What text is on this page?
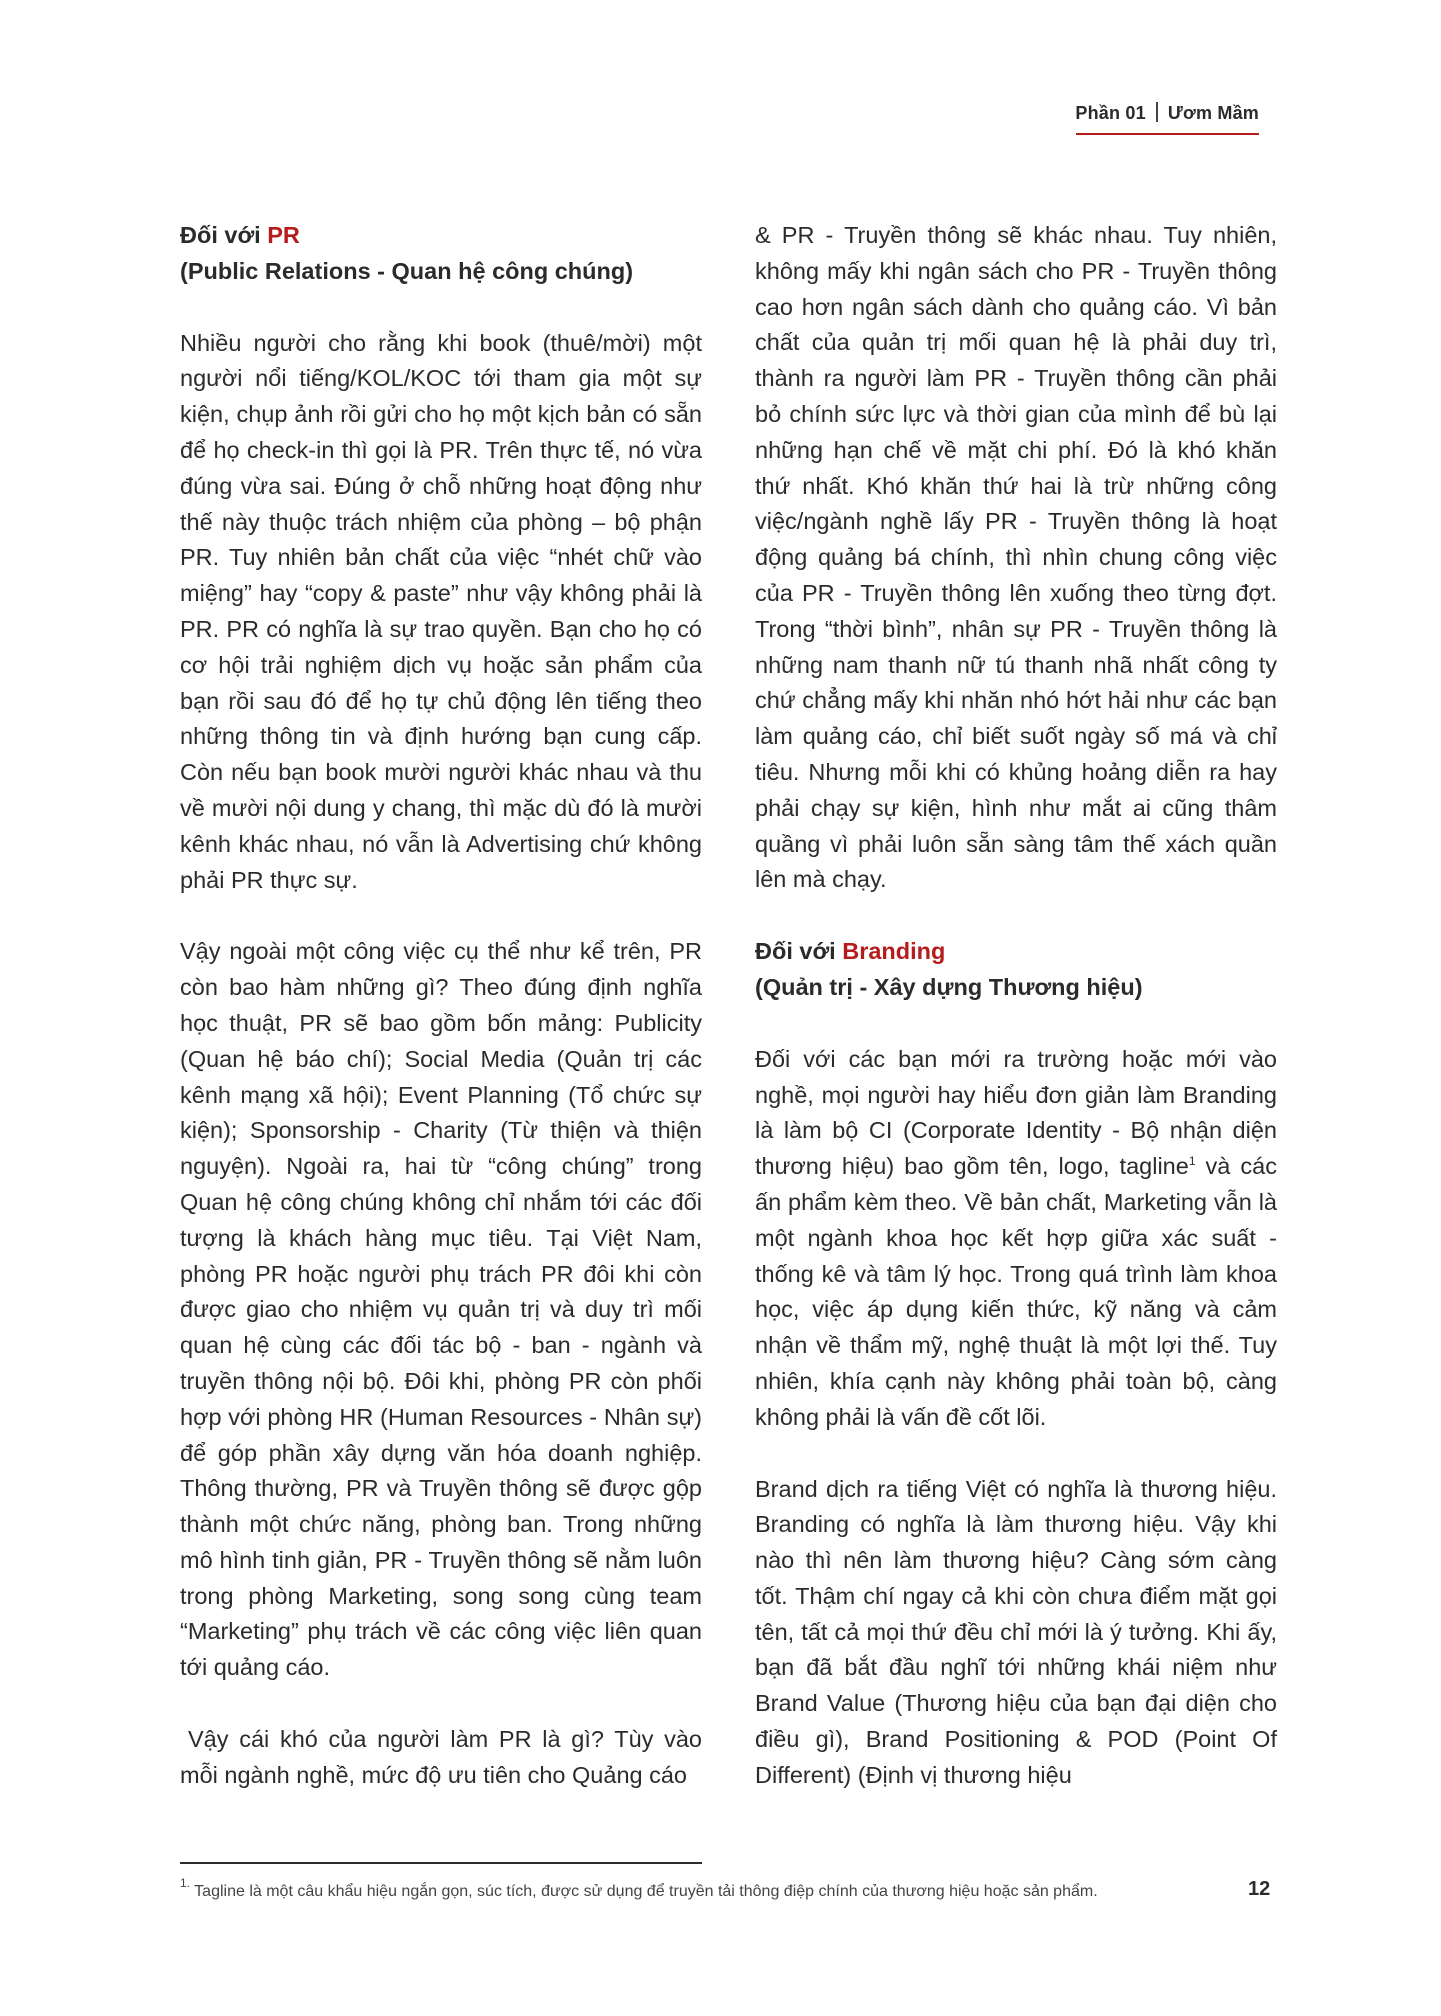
Phần 01 Ươm Mầm
Đối với PR
(Public Relations - Quan hệ công chúng)

Nhiều người cho rằng khi book (thuê/mời) một người nổi tiếng/KOL/KOC tới tham gia một sự kiện, chụp ảnh rồi gửi cho họ một kịch bản có sẵn để họ check-in thì gọi là PR. Trên thực tế, nó vừa đúng vừa sai. Đúng ở chỗ những hoạt động như thế này thuộc trách nhiệm của phòng – bộ phận PR. Tuy nhiên bản chất của việc “nhét chữ vào miệng” hay “copy & paste” như vậy không phải là PR. PR có nghĩa là sự trao quyền. Bạn cho họ có cơ hội trải nghiệm dịch vụ hoặc sản phẩm của bạn rồi sau đó để họ tự chủ động lên tiếng theo những thông tin và định hướng bạn cung cấp. Còn nếu bạn book mười người khác nhau và thu về mười nội dung y chang, thì mặc dù đó là mười kênh khác nhau, nó vẫn là Advertising chứ không phải PR thực sự.

Vậy ngoài một công việc cụ thể như kể trên, PR còn bao hàm những gì? Theo đúng định nghĩa học thuật, PR sẽ bao gồm bốn mảng: Publicity (Quan hệ báo chí); Social Media (Quản trị các kênh mạng xã hội); Event Planning (Tổ chức sự kiện); Sponsorship - Charity (Từ thiện và thiện nguyện). Ngoài ra, hai từ “công chúng” trong Quan hệ công chúng không chỉ nhắm tới các đối tượng là khách hàng mục tiêu. Tại Việt Nam, phòng PR hoặc người phụ trách PR đôi khi còn được giao cho nhiệm vụ quản trị và duy trì mối quan hệ cùng các đối tác bộ - ban - ngành và truyền thông nội bộ. Đôi khi, phòng PR còn phối hợp với phòng HR (Human Resources - Nhân sự) để góp phần xây dựng văn hóa doanh nghiệp. Thông thường, PR và Truyền thông sẽ được gộp thành một chức năng, phòng ban. Trong những mô hình tinh giản, PR - Truyền thông sẽ nằm luôn trong phòng Marketing, song song cùng team “Marketing” phụ trách về các công việc liên quan tới quảng cáo.

Vậy cái khó của người làm PR là gì? Tùy vào mỗi ngành nghề, mức độ ưu tiên cho Quảng cáo

& PR - Truyền thông sẽ khác nhau. Tuy nhiên, không mấy khi ngân sách cho PR - Truyền thông cao hơn ngân sách dành cho quảng cáo. Vì bản chất của quản trị mối quan hệ là phải duy trì, thành ra người làm PR - Truyền thông cần phải bỏ chính sức lực và thời gian của mình để bù lại những hạn chế về mặt chi phí. Đó là khó khăn thứ nhất. Khó khăn thứ hai là trừ những công việc/ngành nghề lấy PR - Truyền thông là hoạt động quảng bá chính, thì nhìn chung công việc của PR - Truyền thông lên xuống theo từng đợt. Trong “thời bình”, nhân sự PR - Truyền thông là những nam thanh nữ tú thanh nhã nhất công ty chứ chẳng mấy khi nhăn nhó hớt hải như các bạn làm quảng cáo, chỉ biết suốt ngày số má và chỉ tiêu. Nhưng mỗi khi có khủng hoảng diễn ra hay phải chạy sự kiện, hình như mắt ai cũng thâm quầng vì phải luôn sẵn sàng tâm thế xách quần lên mà chạy.

Đối với Branding
(Quản trị - Xây dựng Thương hiệu)

Đối với các bạn mới ra trường hoặc mới vào nghề, mọi người hay hiểu đơn giản làm Branding là làm bộ CI (Corporate Identity - Bộ nhận diện thương hiệu) bao gồm tên, logo, tagline$^1$ và các ấn phẩm kèm theo. Về bản chất, Marketing vẫn là một ngành khoa học kết hợp giữa xác suất - thống kê và tâm lý học. Trong quá trình làm khoa học, việc áp dụng kiến thức, kỹ năng và cảm nhận về thẩm mỹ, nghệ thuật là một lợi thế. Tuy nhiên, khía cạnh này không phải toàn bộ, càng không phải là vấn đề cốt lõi.

Brand dịch ra tiếng Việt có nghĩa là thương hiệu. Branding có nghĩa là làm thương hiệu. Vậy khi nào thì nên làm thương hiệu? Càng sớm càng tốt. Thậm chí ngay cả khi còn chưa điểm mặt gọi tên, tất cả mọi thứ đều chỉ mới là ý tưởng. Khi ấy, bạn đã bắt đầu nghĩ tới những khái niệm như Brand Value (Thương hiệu của bạn đại diện cho điều gì), Brand Positioning & POD (Point Of Different) (Định vị thương hiệu

$^{1.}$ Tagline là một câu khẩu hiệu ngắn gọn, súc tích, được sử dụng để truyền tải thông điệp chính của thương hiệu hoặc sản phẩm.	12
